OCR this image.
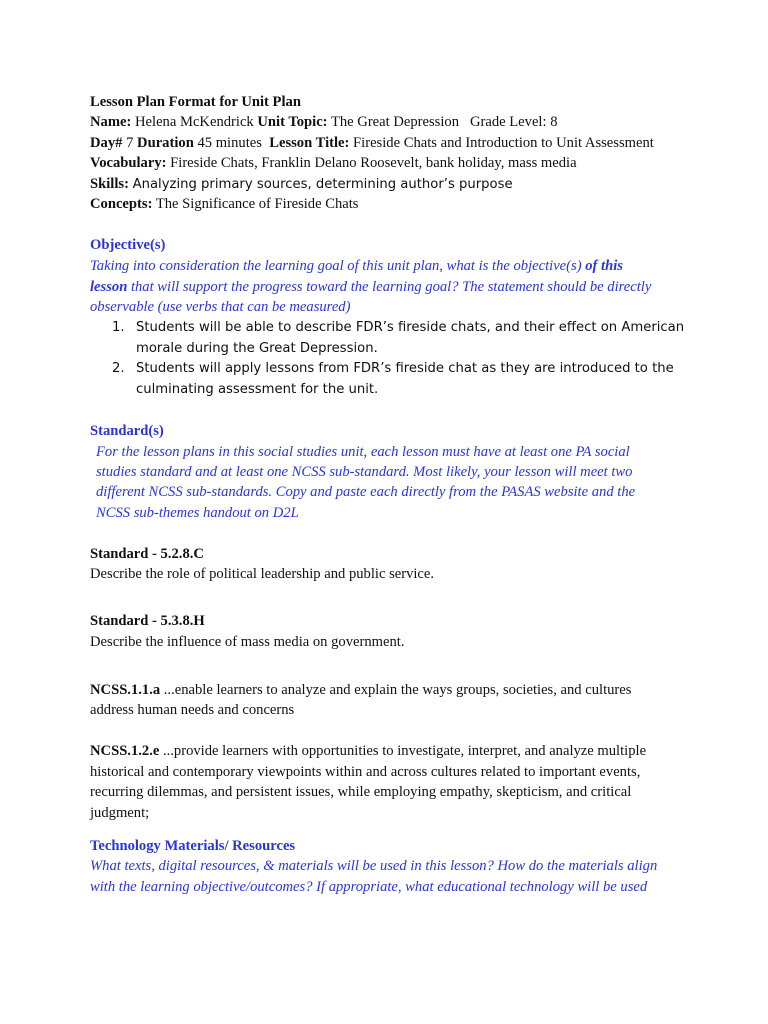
Lesson Plan Format for Unit Plan
Name: Helena McKendrick Unit Topic: The Great Depression Grade Level: 8
Day# 7 Duration 45 minutes Lesson Title: Fireside Chats and Introduction to Unit Assessment
Vocabulary: Fireside Chats, Franklin Delano Roosevelt, bank holiday, mass media
Skills: Analyzing primary sources, determining author’s purpose
Concepts: The Significance of Fireside Chats
Objective(s)
Taking into consideration the learning goal of this unit plan, what is the objective(s) of this
lesson that will support the progress toward the learning goal? The statement should be directly
observable (use verbs that can be measured)
1. Students will be able to describe FDR’s fireside chats, and their effect on American
morale during the Great Depression.
2. Students will apply lessons from FDR’s fireside chat as they are introduced to the
culminating assessment for the unit.
Standard(s)
For the lesson plans in this social studies unit, each lesson must have at least one PA social
studies standard and at least one NCSS sub-standard. Most likely, your lesson will meet two
different NCSS sub-standards. Copy and paste each directly from the PASAS website and the
NCSS sub-themes handout on D2L
Standard - 5.2.8.C
Describe the role of political leadership and public service.
Standard - 5.3.8.H
Describe the influence of mass media on government.
NCSS.1.1.a ...enable learners to analyze and explain the ways groups, societies, and cultures
address human needs and concerns
NCSS.1.2.e ...provide learners with opportunities to investigate, interpret, and analyze multiple
historical and contemporary viewpoints within and across cultures related to important events,
recurring dilemmas, and persistent issues, while employing empathy, skepticism, and critical
judgment;
Technology Materials/ Resources
What texts, digital resources, & materials will be used in this lesson? How do the materials align
with the learning objective/outcomes? If appropriate, what educational technology will be used
